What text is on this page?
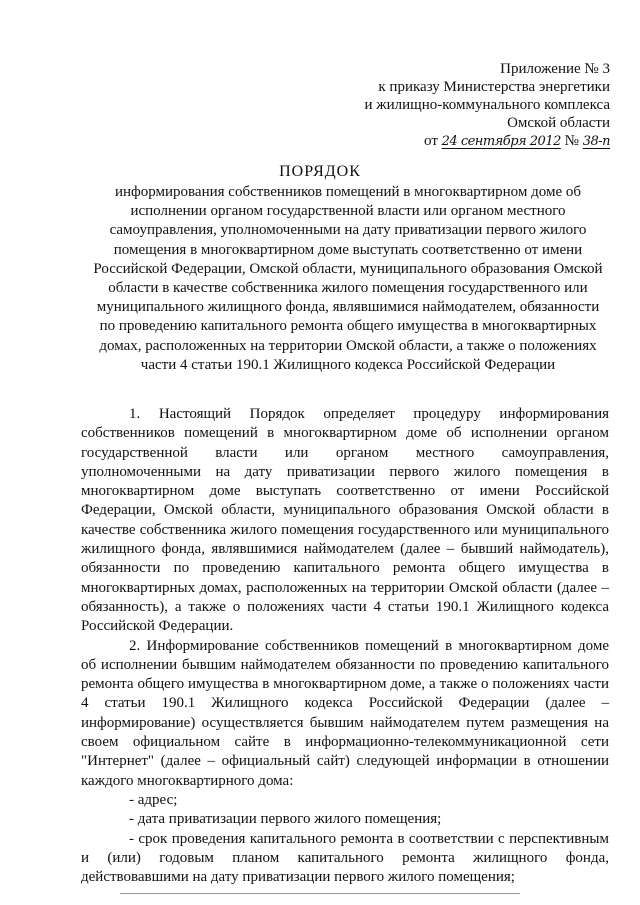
Приложение № 3
к приказу Министерства энергетики
и жилищно-коммунального комплекса
Омской области
от 24 сентября 2012 № 38-п
ПОРЯДОК
информирования собственников помещений в многоквартирном доме об исполнении органом государственной власти или органом местного самоуправления, уполномоченными на дату приватизации первого жилого помещения в многоквартирном доме выступать соответственно от имени Российской Федерации, Омской области, муниципального образования Омской области в качестве собственника жилого помещения государственного или муниципального жилищного фонда, являвшимися наймодателем, обязанности по проведению капитального ремонта общего имущества в многоквартирных домах, расположенных на территории Омской области, а также о положениях части 4 статьи 190.1 Жилищного кодекса Российской Федерации

1. Настоящий Порядок определяет процедуру информирования собственников помещений в многоквартирном доме об исполнении органом государственной власти или органом местного самоуправления, уполномоченными на дату приватизации первого жилого помещения в многоквартирном доме выступать соответственно от имени Российской Федерации, Омской области, муниципального образования Омской области в качестве собственника жилого помещения государственного или муниципального жилищного фонда, являвшимися наймодателем (далее – бывший наймодатель), обязанности по проведению капитального ремонта общего имущества в многоквартирных домах, расположенных на территории Омской области (далее – обязанность), а также о положениях части 4 статьи 190.1 Жилищного кодекса Российской Федерации.

2. Информирование собственников помещений в многоквартирном доме об исполнении бывшим наймодателем обязанности по проведению капитального ремонта общего имущества в многоквартирном доме, а также о положениях части 4 статьи 190.1 Жилищного кодекса Российской Федерации (далее – информирование) осуществляется бывшим наймодателем путем размещения на своем официальном сайте в информационно-телекоммуникационной сети "Интернет" (далее – официальный сайт) следующей информации в отношении каждого многоквартирного дома:

- адрес;

- дата приватизации первого жилого помещения;

- срок проведения капитального ремонта в соответствии с перспективным и (или) годовым планом капитального ремонта жилищного фонда, действовавшими на дату приватизации первого жилого помещения;
